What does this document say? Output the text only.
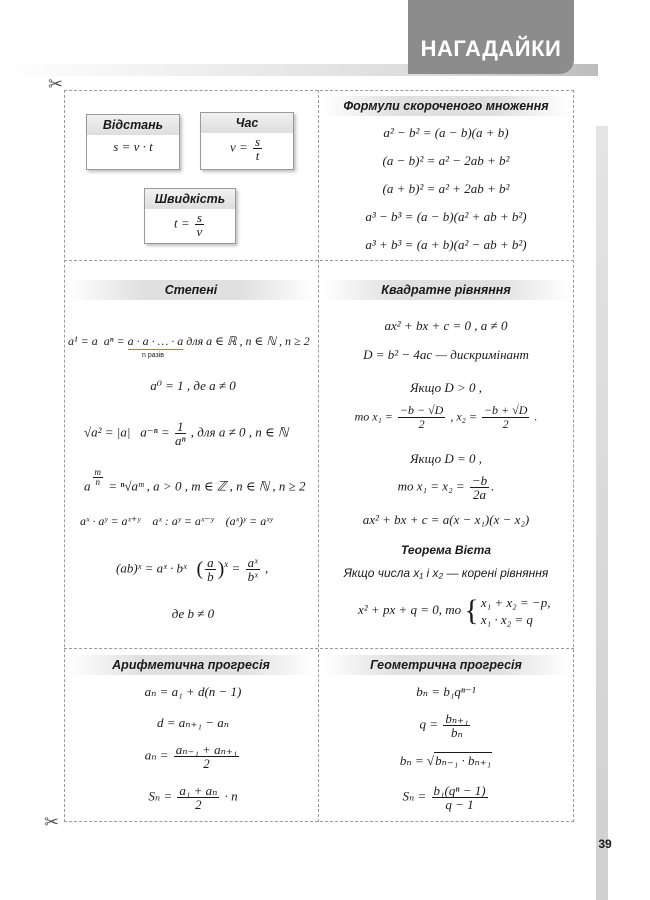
НАГАДАЙКИ
39
✂
✂
Відстань
s = v · t
Час
$v = \frac{s}{t}$
Швидкість
$t = \frac{s}{v}$
Формули скороченого множення
a² − b² = (a − b)(a + b)
(a − b)² = a² − 2ab + b²
(a + b)² = a² + 2ab + b²
a³ − b³ = (a − b)(a² + ab + b²)
a³ + b³ = (a + b)(a² − ab + b²)
Степені
a¹ = a aⁿ = a · a · … · a для a ∈ ℝ , n ∈ ℕ , n ≥ 2
n разів
a⁰ = 1 , де a ≠ 0
√a² = |a| $a^{-n} = \frac{1}{\text{aⁿ}}$ , для a ≠ 0 , n ∈ ℕ
a $\frac{m}{n}$ = ⁿ√aᵐ , a > 0 , m ∈ ℤ , n ∈ ℕ , n ≥ 2
aˣ · aʸ = aˣ⁺ʸ aˣ : aʸ = aˣ⁻ʸ (aˣ)ʸ = aˣʸ
(ab)ˣ = aˣ · bˣ ( $\frac{a}{b} )^x = \frac{\text{aˣ}}{\text{bˣ}}$ ,
де b ≠ 0
Квадратне рівняння
ax² + bx + c = 0 , a ≠ 0
D = b² − 4ac — дискримінант
Якщо D > 0 ,
то $x_1 = \frac{-b - √D}{2}$ , $x_2 = \frac{-b + √D}{2}$ .
Якщо D = 0 ,
то $x_1 = x_2 = \frac{-b}{2a}$ .
ax² + bx + c = a(x − x₁)(x − x₂)
Теорема Вієта
Якщо числа x₁ і x₂ — корені рівняння
x² + px + q = 0, то { x₁ + x₂ = −p,
x₁ · x₂ = q
Арифметична прогресія
aₙ = a₁ + d(n − 1)
d = aₙ₊₁ − aₙ
$a_n = \frac{\text{aₙ₋₁ + aₙ₊₁}}{2}$
$S_n = \frac{\text{a₁ + aₙ}}{2} \cdot n$
Геометрична прогресія
bₙ = b₁qⁿ⁻¹
$q = \frac{\text{bₙ₊₁}}{\text{bₙ}}$
bₙ = √bₙ₋₁ · bₙ₊₁
$S_n = \frac{\text{b₁(qⁿ − 1)}}{q - 1}$
